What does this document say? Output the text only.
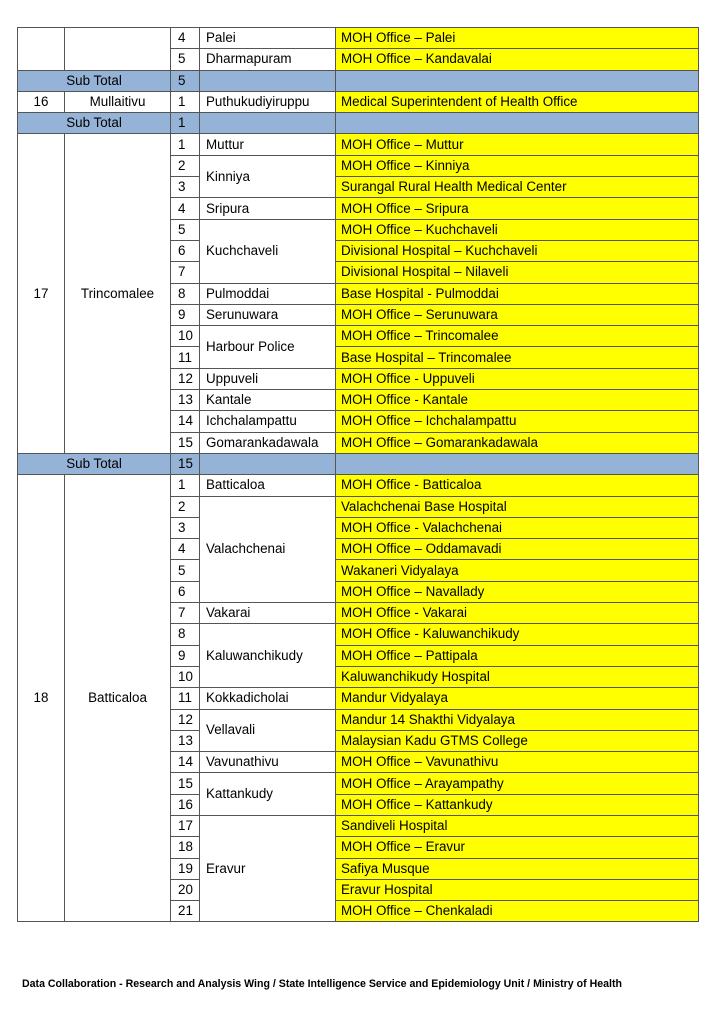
		4	Palei	MOH Office – Palei
		5	Dharmapuram	MOH Office – Kandavalai
Sub Total		5		
16	Mullaitivu	1	Puthukudiyiruppu	Medical Superintendent of Health Office
Sub Total		1		
17	Trincomalee	1	Muttur	MOH Office – Muttur
		2	Kinniya	MOH Office – Kinniya
		3		Surangal Rural Health Medical Center
		4	Sripura	MOH Office – Sripura
		5	Kuchchaveli	MOH Office – Kuchchaveli
		6		Divisional Hospital – Kuchchaveli
		7		Divisional Hospital – Nilaveli
		8	Pulmoddai	Base Hospital - Pulmoddai
		9	Serunuwara	MOH Office – Serunuwara
		10	Harbour Police	MOH Office – Trincomalee
		11		Base Hospital – Trincomalee
		12	Uppuveli	MOH Office - Uppuveli
		13	Kantale	MOH Office - Kantale
		14	Ichchalampattu	MOH Office – Ichchalampattu
		15	Gomarankadawala	MOH Office – Gomarankadawala
Sub Total		15		
18	Batticaloa	1	Batticaloa	MOH Office - Batticaloa
		2	Valachchenai	Valachchenai Base Hospital
		3		MOH Office - Valachchenai
		4		MOH Office – Oddamavadi
		5		Wakaneri Vidyalaya
		6		MOH Office – Navallady
		7	Vakarai	MOH Office - Vakarai
		8	Kaluwanchikudy	MOH Office - Kaluwanchikudy
		9		MOH Office – Pattipala
		10		Kaluwanchikudy Hospital
		11	Kokkadicholai	Mandur Vidyalaya
		12	Vellavali	Mandur 14 Shakthi Vidyalaya
		13		Malaysian Kadu GTMS College
		14	Vavunathivu	MOH Office – Vavunathivu
		15	Kattankudy	MOH Office – Arayampathy
		16		MOH Office – Kattankudy
		17	Eravur	Sandiveli Hospital
		18		MOH Office – Eravur
		19		Safiya Musque
		20		Eravur Hospital
		21		MOH Office – Chenkaladi
Data Collaboration - Research and Analysis Wing / State Intelligence Service and Epidemiology Unit / Ministry of Health
